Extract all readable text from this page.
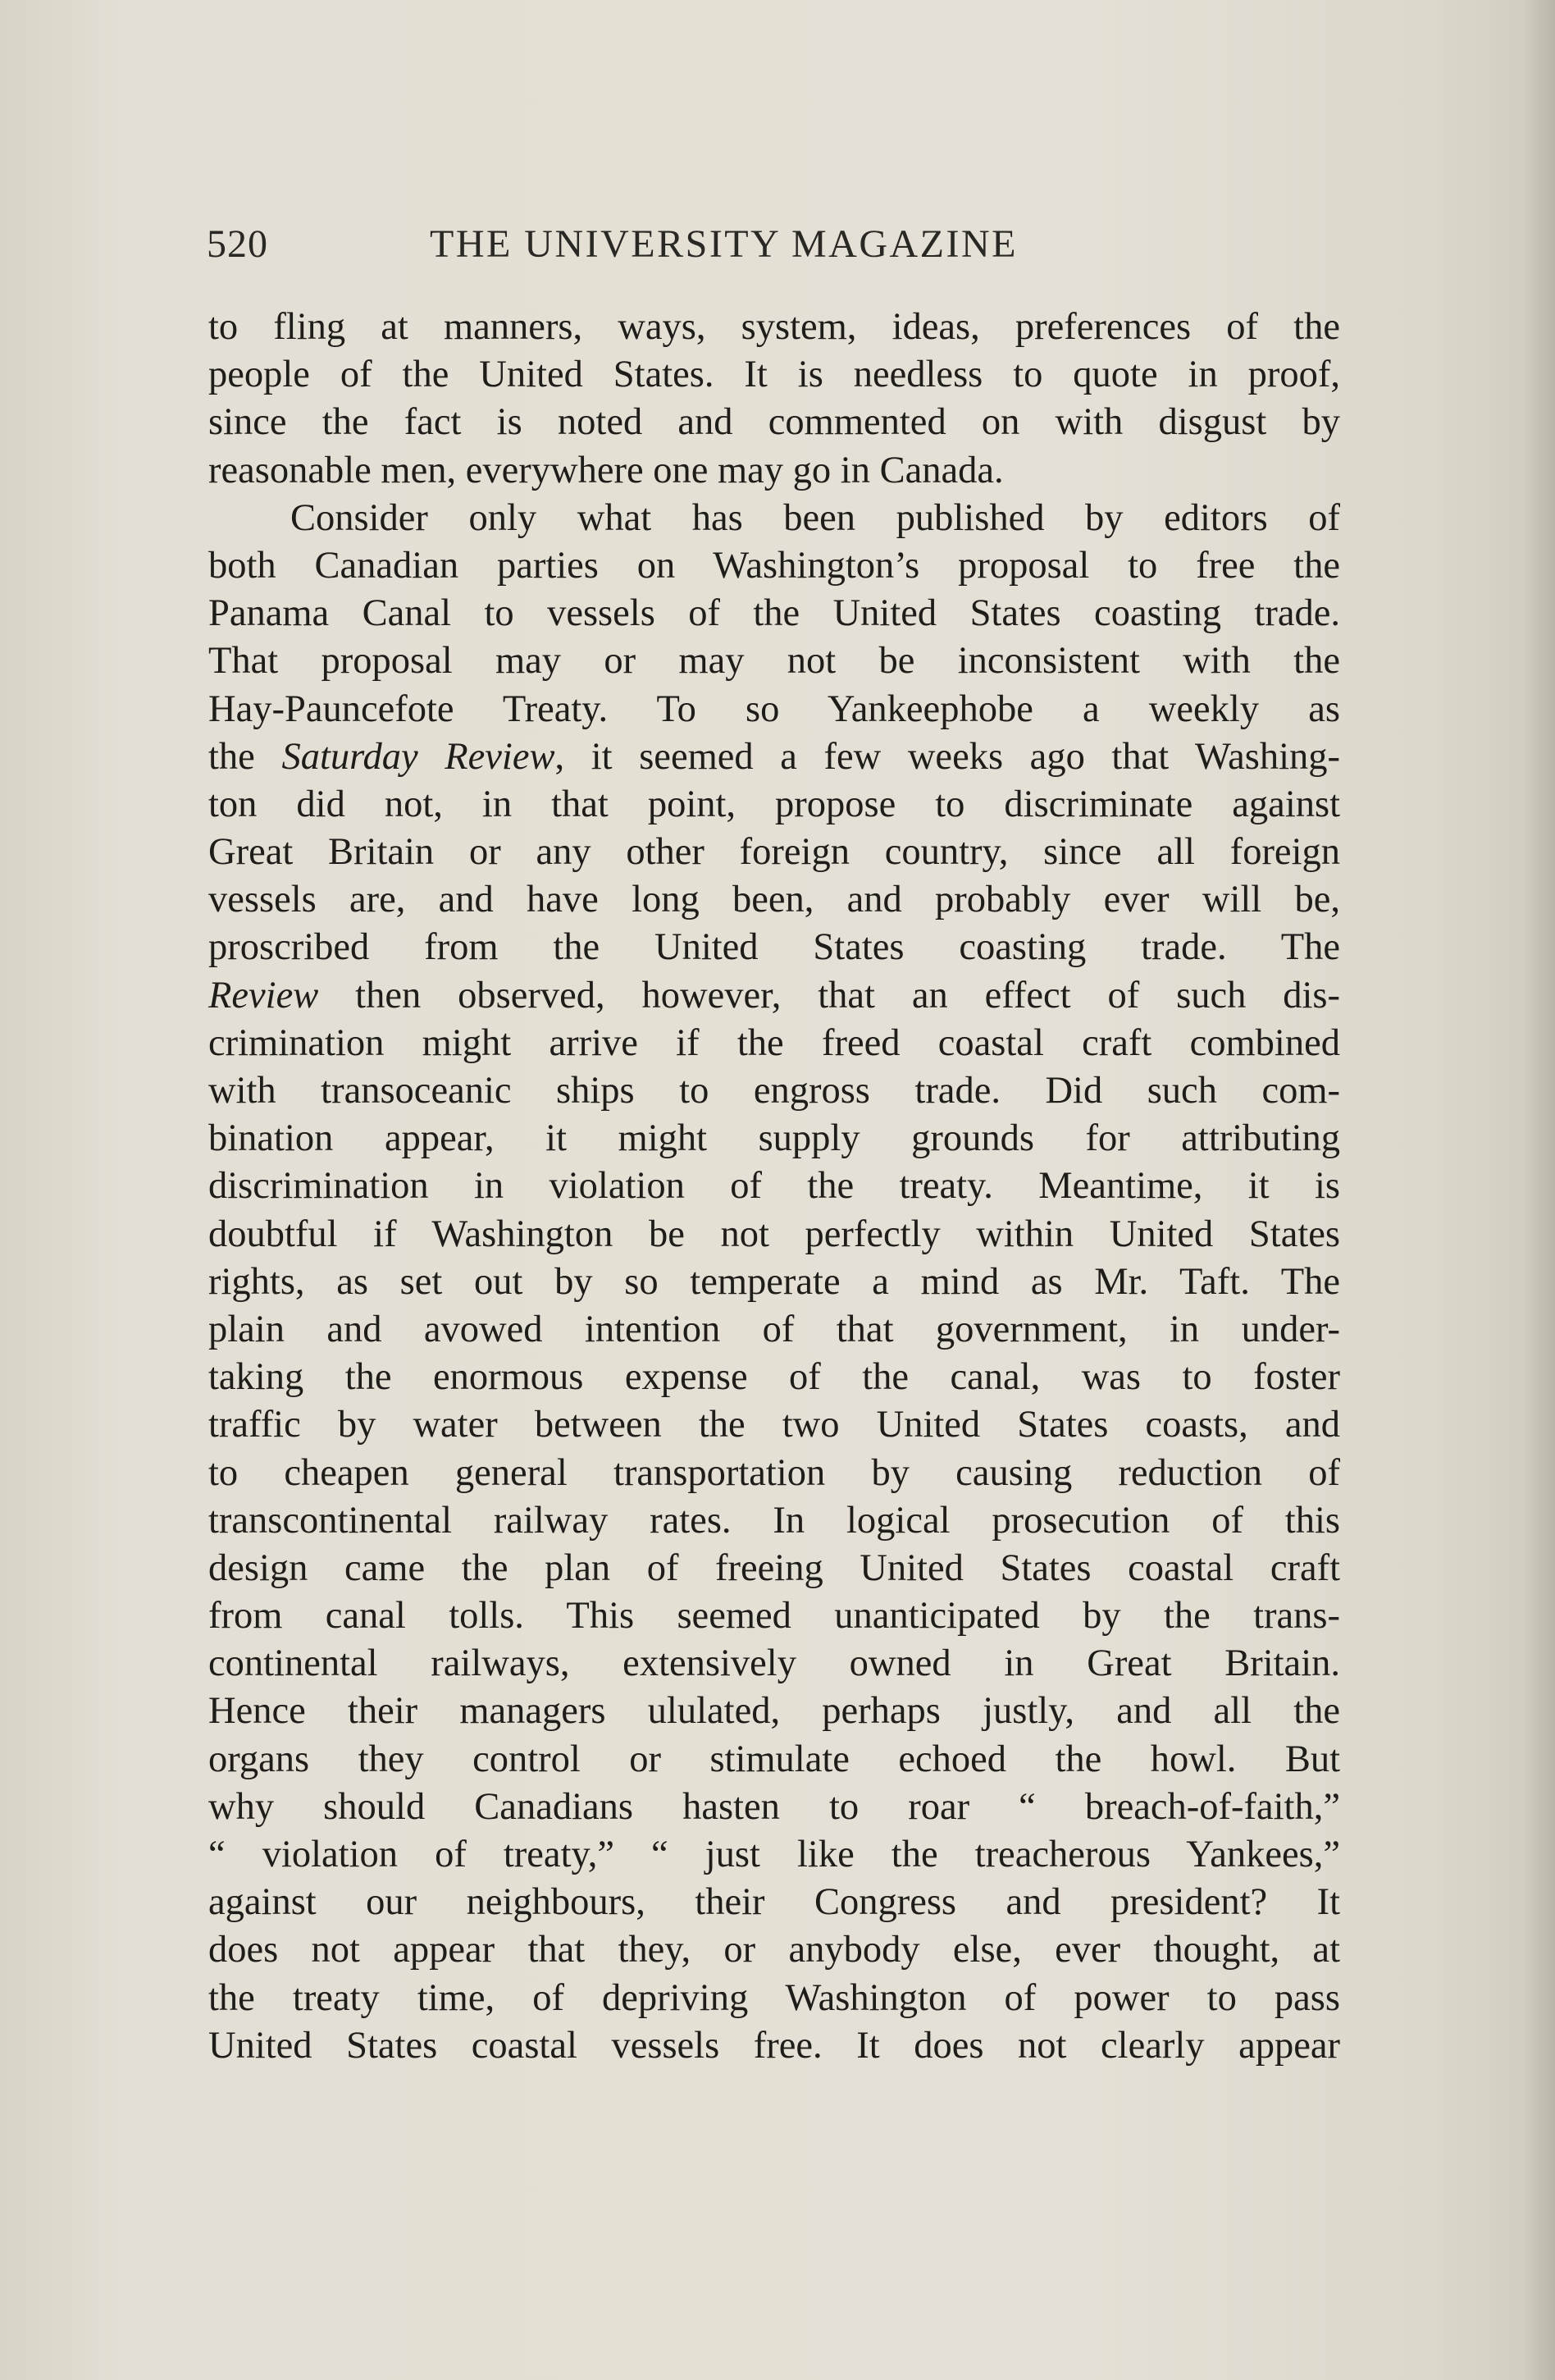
520	THE UNIVERSITY MAGAZINE
to fling at manners, ways, system, ideas, preferences of the
people of the United States. It is needless to quote in proof,
since the fact is noted and commented on with disgust by
reasonable men, everywhere one may go in Canada.
Consider only what has been published by editors of
both Canadian parties on Washington’s proposal to free the
Panama Canal to vessels of the United States coasting trade.
That proposal may or may not be inconsistent with the
Hay-Pauncefote Treaty. To so Yankeephobe a weekly as
the Saturday Review, it seemed a few weeks ago that Washing-
ton did not, in that point, propose to discriminate against
Great Britain or any other foreign country, since all foreign
vessels are, and have long been, and probably ever will be,
proscribed from the United States coasting trade. The
Review then observed, however, that an effect of such dis-
crimination might arrive if the freed coastal craft combined
with transoceanic ships to engross trade. Did such com-
bination appear, it might supply grounds for attributing
discrimination in violation of the treaty. Meantime, it is
doubtful if Washington be not perfectly within United States
rights, as set out by so temperate a mind as Mr. Taft. The
plain and avowed intention of that government, in under-
taking the enormous expense of the canal, was to foster
traffic by water between the two United States coasts, and
to cheapen general transportation by causing reduction of
transcontinental railway rates. In logical prosecution of this
design came the plan of freeing United States coastal craft
from canal tolls. This seemed unanticipated by the trans-
continental railways, extensively owned in Great Britain.
Hence their managers ululated, perhaps justly, and all the
organs they control or stimulate echoed the howl. But
why should Canadians hasten to roar “ breach-of-faith,”
“ violation of treaty,” “ just like the treacherous Yankees,”
against our neighbours, their Congress and president? It
does not appear that they, or anybody else, ever thought, at
the treaty time, of depriving Washington of power to pass
United States coastal vessels free. It does not clearly appear
